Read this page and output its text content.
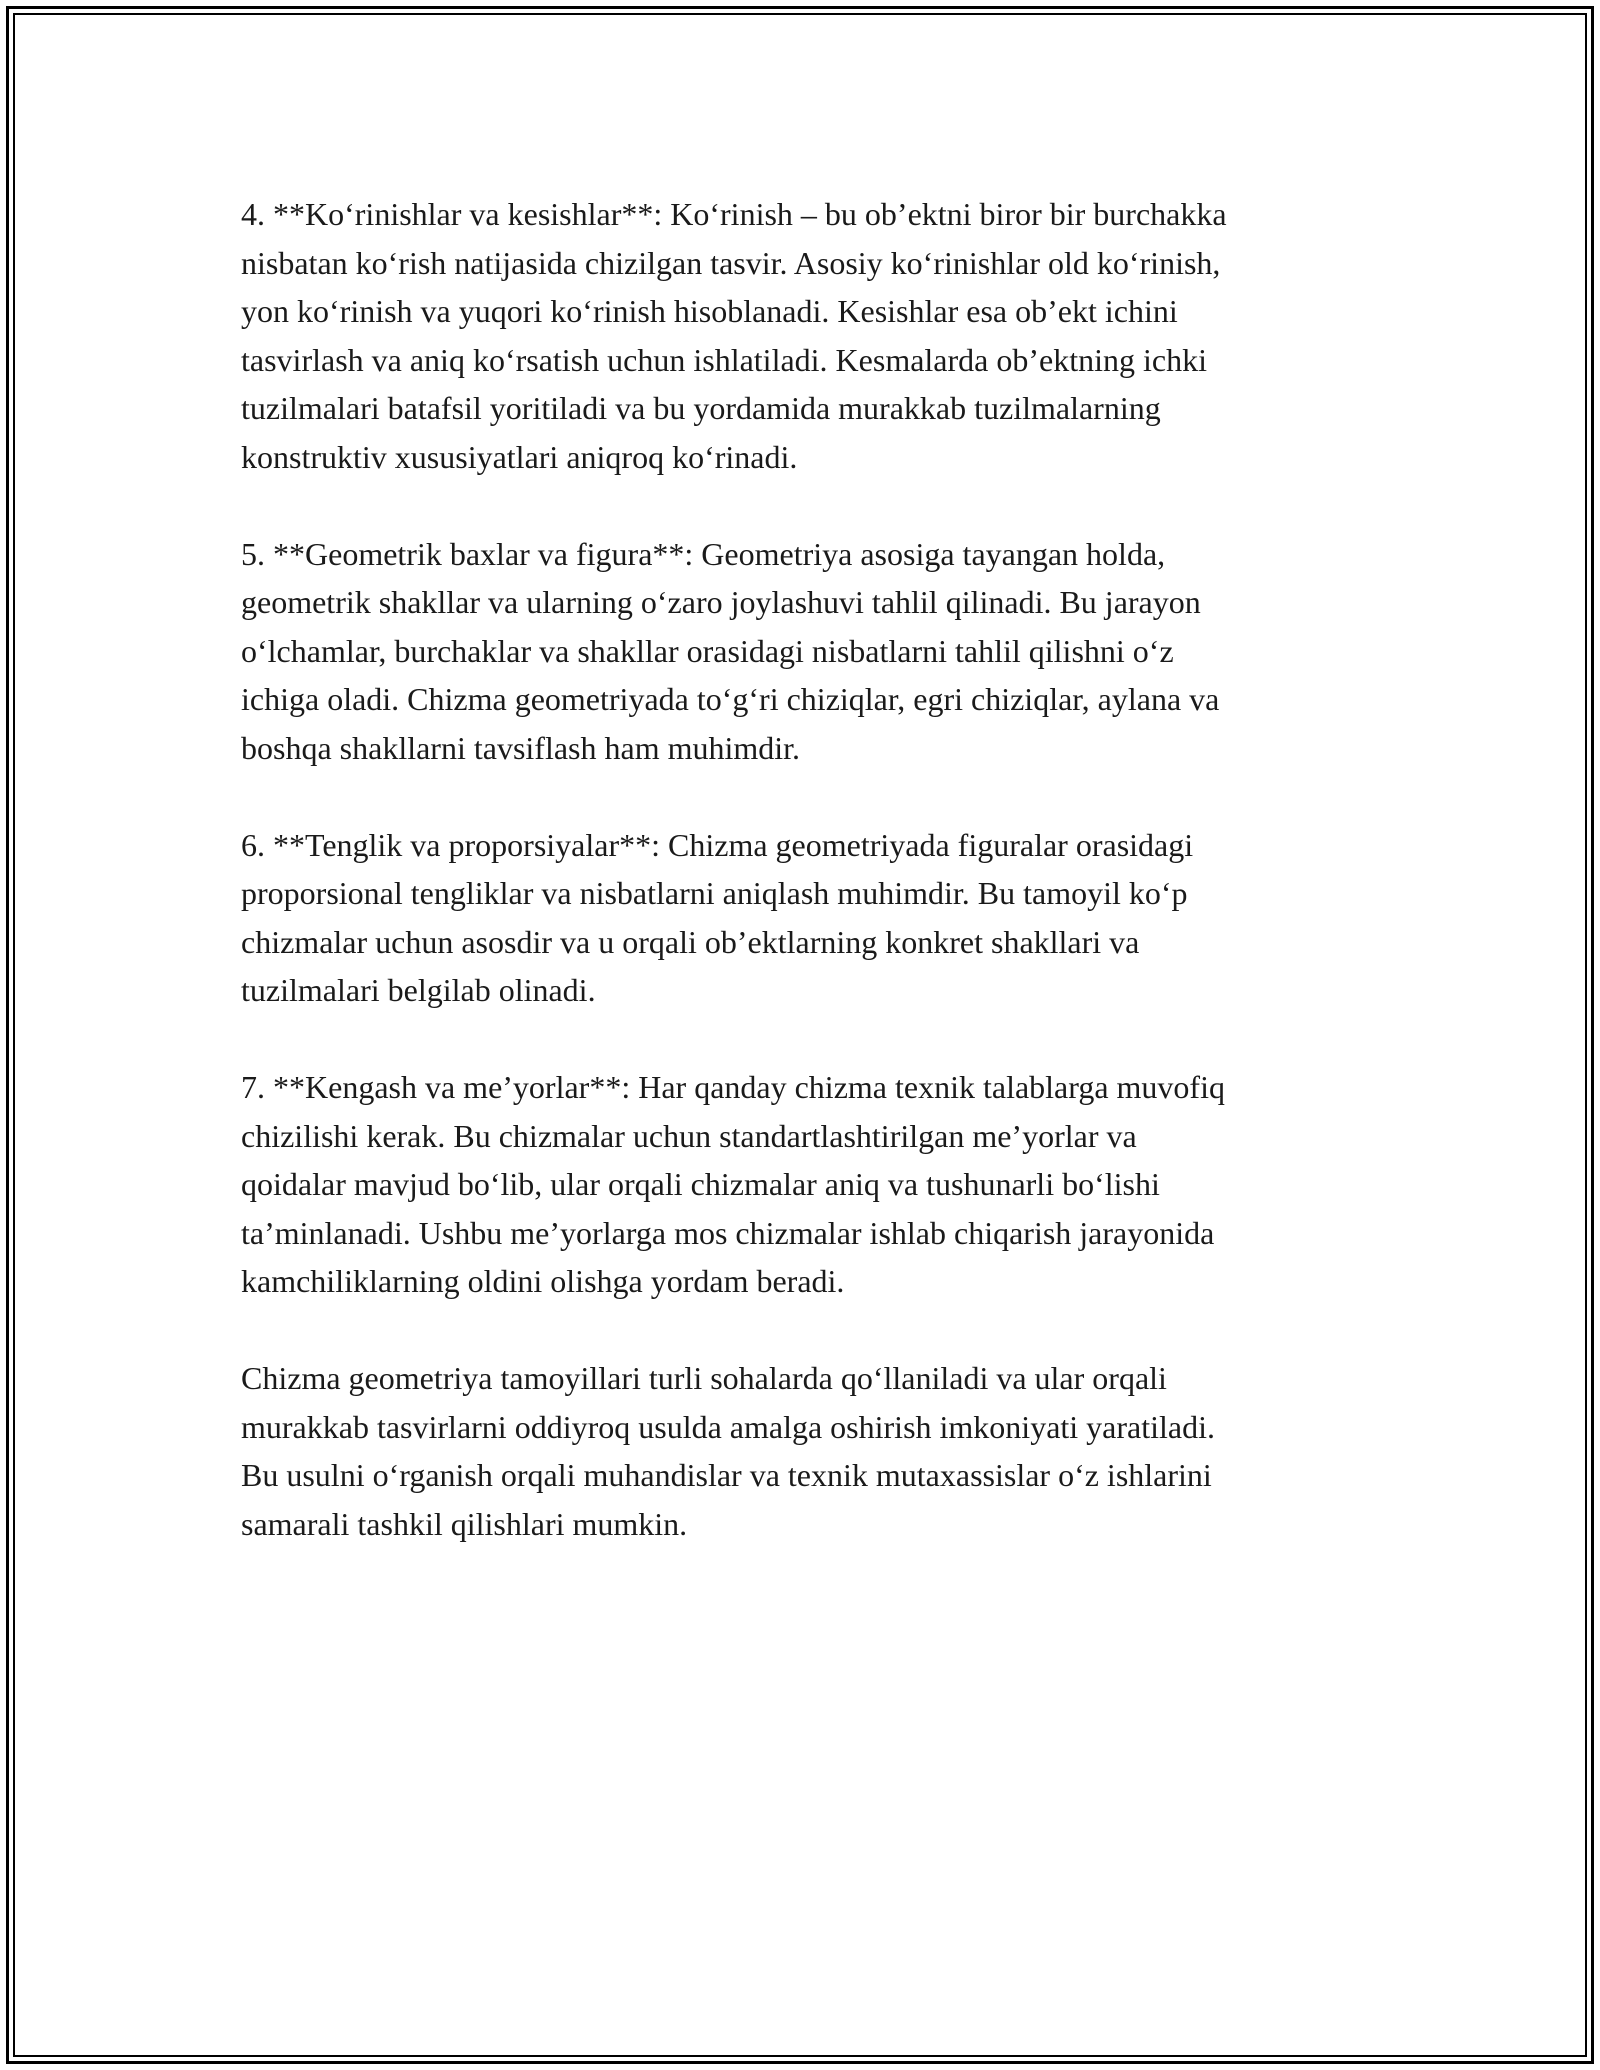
4. **Koʻrinishlar va kesishlar**: Koʻrinish – bu obʼektni biror bir burchakka
nisbatan koʻrish natijasida chizilgan tasvir. Asosiy koʻrinishlar old koʻrinish,
yon koʻrinish va yuqori koʻrinish hisoblanadi. Kesishlar esa obʼekt ichini
tasvirlash va aniq koʻrsatish uchun ishlatiladi. Kesmalarda obʼektning ichki
tuzilmalari batafsil yoritiladi va bu yordamida murakkab tuzilmalarning
konstruktiv xususiyatlari aniqroq koʻrinadi.

5. **Geometrik baxlar va figura**: Geometriya asosiga tayangan holda,
geometrik shakllar va ularning oʻzaro joylashuvi tahlil qilinadi. Bu jarayon
oʻlchamlar, burchaklar va shakllar orasidagi nisbatlarni tahlil qilishni oʻz
ichiga oladi. Chizma geometriyada toʻgʻri chiziqlar, egri chiziqlar, aylana va
boshqa shakllarni tavsiflash ham muhimdir.

6. **Tenglik va proporsiyalar**: Chizma geometriyada figuralar orasidagi
proporsional tengliklar va nisbatlarni aniqlash muhimdir. Bu tamoyil koʻp
chizmalar uchun asosdir va u orqali obʼektlarning konkret shakllari va
tuzilmalari belgilab olinadi.

7. **Kengash va meʼyorlar**: Har qanday chizma texnik talablarga muvofiq
chizilishi kerak. Bu chizmalar uchun standartlashtirilgan meʼyorlar va
qoidalar mavjud boʻlib, ular orqali chizmalar aniq va tushunarli boʻlishi
taʼminlanadi. Ushbu meʼyorlarga mos chizmalar ishlab chiqarish jarayonida
kamchiliklarning oldini olishga yordam beradi.

Chizma geometriya tamoyillari turli sohalarda qoʻllaniladi va ular orqali
murakkab tasvirlarni oddiyroq usulda amalga oshirish imkoniyati yaratiladi.
Bu usulni oʻrganish orqali muhandislar va texnik mutaxassislar oʻz ishlarini
samarali tashkil qilishlari mumkin.
